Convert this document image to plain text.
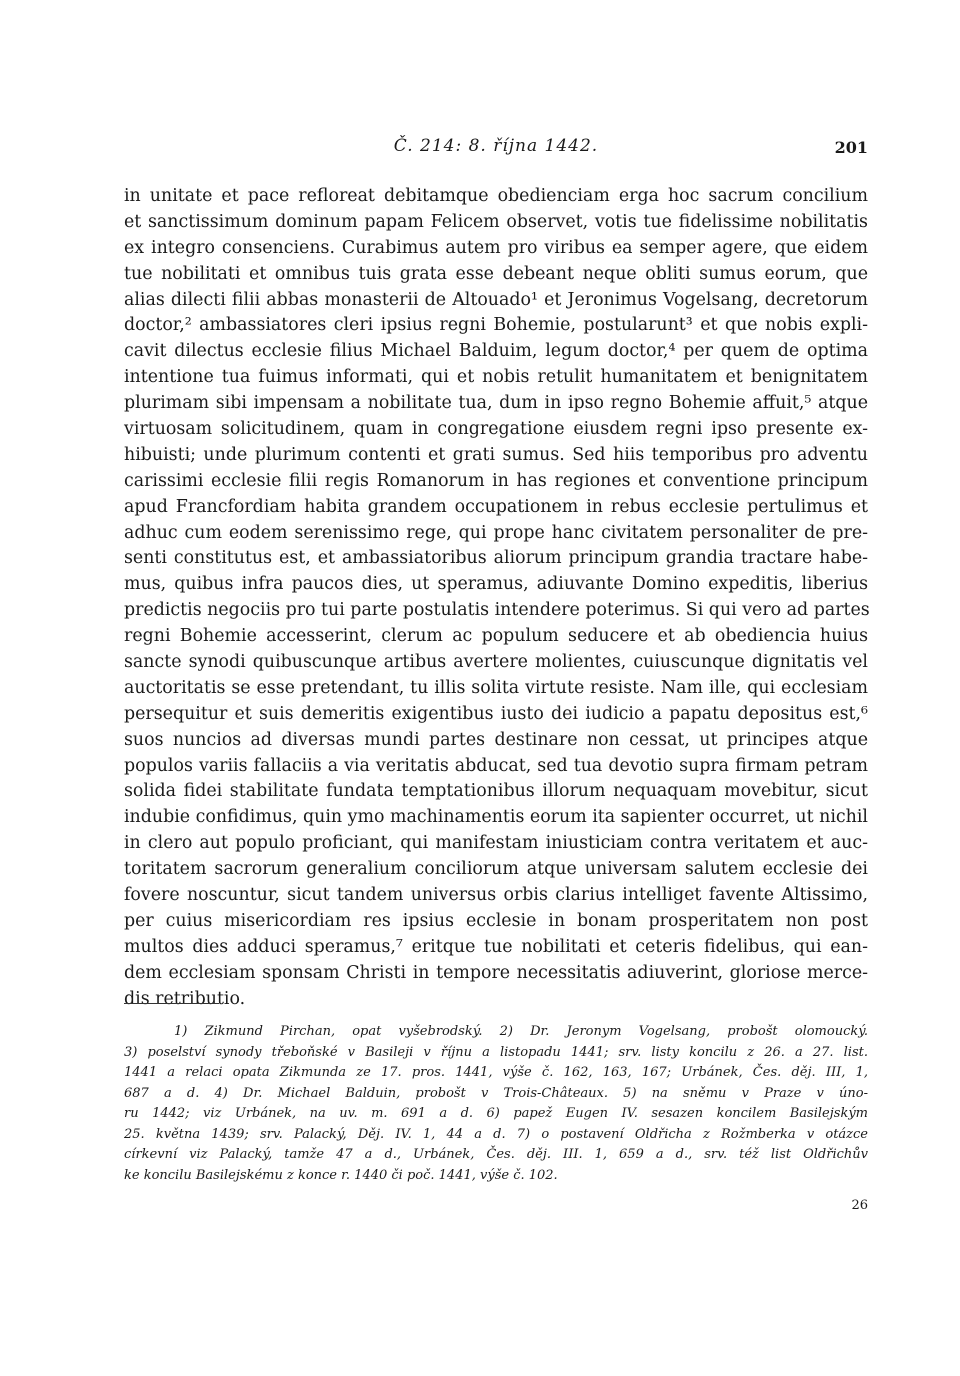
Č. 214: 8. října 1442.	201
in unitate et pace refloreat debitamque obedienciam erga hoc sacrum concilium
et sanctissimum dominum papam Felicem observet, votis tue fidelissime nobilitatis
ex integro consenciens. Curabimus autem pro viribus ea semper agere, que eidem
tue nobilitati et omnibus tuis grata esse debeant neque obliti sumus eorum, que
alias dilecti filii abbas monasterii de Altouado¹ et Jeronimus Vogelsang, decretorum
doctor,² ambassiatores cleri ipsius regni Bohemie, postularunt³ et que nobis expli-
cavit dilectus ecclesie filius Michael Balduim, legum doctor,⁴ per quem de optima
intentione tua fuimus informati, qui et nobis retulit humanitatem et benignitatem
plurimam sibi impensam a nobilitate tua, dum in ipso regno Bohemie affuit,⁵ atque
virtuosam solicitudinem, quam in congregatione eiusdem regni ipso presente ex-
hibuisti; unde plurimum contenti et grati sumus. Sed hiis temporibus pro adventu
carissimi ecclesie filii regis Romanorum in has regiones et conventione principum
apud Francfordiam habita grandem occupationem in rebus ecclesie pertulimus et
adhuc cum eodem serenissimo rege, qui prope hanc civitatem personaliter de pre-
senti constitutus est, et ambassiatoribus aliorum principum grandia tractare habe-
mus, quibus infra paucos dies, ut speramus, adiuvante Domino expeditis, liberius
predictis negociis pro tui parte postulatis intendere poterimus. Si qui vero ad partes
regni Bohemie accesserint, clerum ac populum seducere et ab obediencia huius
sancte synodi quibuscunque artibus avertere molientes, cuiuscunque dignitatis vel
auctoritatis se esse pretendant, tu illis solita virtute resiste. Nam ille, qui ecclesiam
persequitur et suis demeritis exigentibus iusto dei iudicio a papatu depositus est,⁶
suos nuncios ad diversas mundi partes destinare non cessat, ut principes atque
populos variis fallaciis a via veritatis abducat, sed tua devotio supra firmam petram
solida fidei stabilitate fundata temptationibus illorum nequaquam movebitur, sicut
indubie confidimus, quin ymo machinamentis eorum ita sapienter occurret, ut nichil
in clero aut populo proficiant, qui manifestam iniusticiam contra veritatem et auc-
toritatem sacrorum generalium conciliorum atque universam salutem ecclesie dei
fovere noscuntur, sicut tandem universus orbis clarius intelliget favente Altissimo,
per cuius misericordiam res ipsius ecclesie in bonam prosperitatem non post
multos dies adduci speramus,⁷ eritque tue nobilitati et ceteris fidelibus, qui ean-
dem ecclesiam sponsam Christi in tempore necessitatis adiuverint, gloriose merce-
dis retributio.
1) Zikmund Pirchan, opat vyšebrodský. 2) Dr. Jeronym Vogelsang, probošt olomoucký.
3) poselství synody třeboňské v Basileji v říjnu a listopadu 1441; srv. listy koncilu z 26. a 27. list.
1441 a relaci opata Zikmunda ze 17. pros. 1441, výše č. 162, 163, 167; Urbánek, Čes. děj. III, 1,
687 a d. 4) Dr. Michael Balduin, probošt v Trois-Châteaux. 5) na sněmu v Praze v úno-
ru 1442; viz Urbánek, na uv. m. 691 a d. 6) papež Eugen IV. sesazen koncilem Basilejským
25. května 1439; srv. Palacký, Děj. IV. 1, 44 a d. 7) o postavení Oldřicha z Rožmberka v otázce
církevní viz Palacký, tamže 47 a d., Urbánek, Čes. děj. III. 1, 659 a d., srv. též list Oldřichův
ke koncilu Basilejskému z konce r. 1440 či poč. 1441, výše č. 102.
26
